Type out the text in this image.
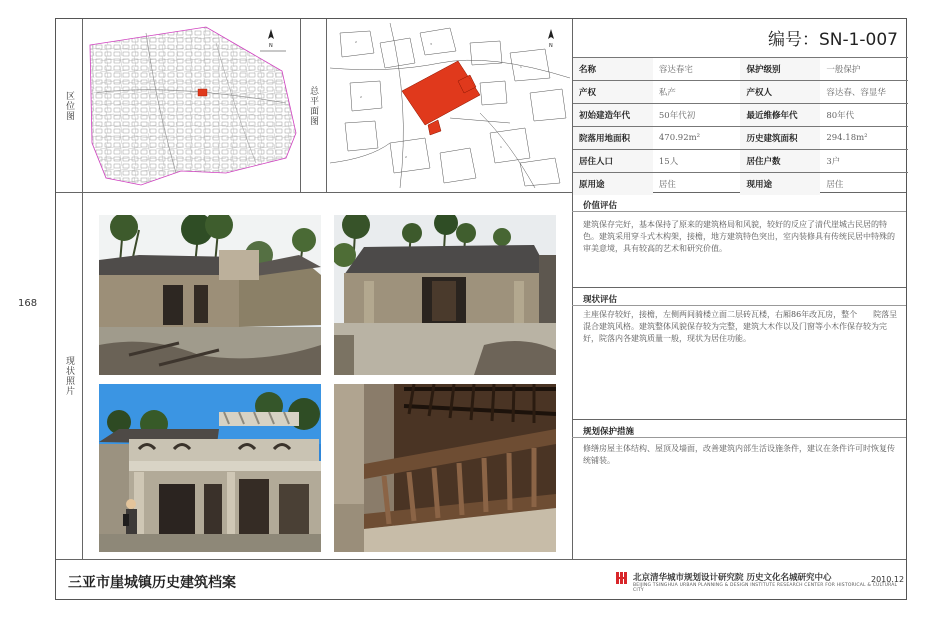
168
区位图	总平面图
现状照片
N
2	3
1
2
1
2
N	编号：SN-1-007
名称	容达春宅	保护级别	一般保护
产权	私产	产权人	容达春、容显华
初始建造年代	50年代初	最近维修年代	80年代
院落用地面积	470.92m²	历史建筑面积	294.18m²
居住人口	15人	居住户数	3户
原用途	居住	现用途	居住
价值评估
建筑保存完好，基本保持了原来的建筑格局和风貌，较好的反应了清代崖城古民居的特色。建筑采用穿斗式木构架，接檐，地方建筑特色突出，室内装修具有传统民居中特殊的审美意境，具有较高的艺术和研究价值。
现状评估
主座保存较好，接檐，左侧两间骑楼立面二层砖瓦楼，右厢86年改瓦房，整个　　院落呈混合建筑风格。建筑整体风貌保存较为完整，建筑大木作以及门窗等小木作保存较为完好，院落内各建筑质量一般，现状为居住功能。
规划保护措施
修缮房屋主体结构、屋顶及墙面，改善建筑内部生活设施条件，建议在条件许可时恢复传统铺装。
三亚市崖城镇历史建筑档案	北京清华城市规划设计研究院 历史文化名城研究中心
BEIJING TSINGHUA URBAN PLANNING & DESIGN INSTITUTE RESEARCH CENTER FOR HISTORICAL & CULTURAL CITY
2010.12
